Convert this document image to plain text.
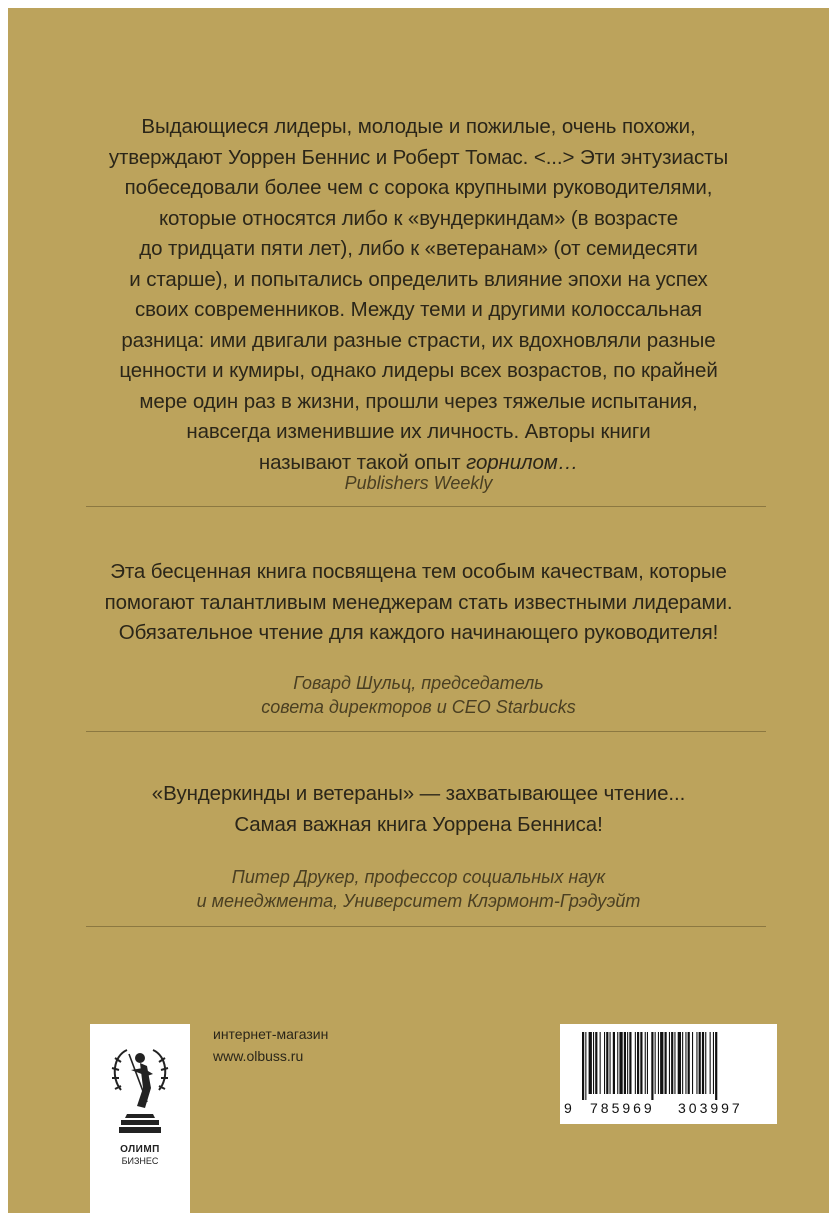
Выдающиеся лидеры, молодые и пожилые, очень похожи,

утверждают Уоррен Беннис и Роберт Томас. <...> Эти энтузиасты

побеседовали более чем с сорока крупными руководителями,

которые относятся либо к «вундеркиндам» (в возрасте

до тридцати пяти лет), либо к «ветеранам» (от семидесяти

и старше), и попытались определить влияние эпохи на успех

своих современников. Между теми и другими колоссальная

разница: ими двигали разные страсти, их вдохновляли разные

ценности и кумиры, однако лидеры всех возрастов, по крайней

мере один раз в жизни, прошли через тяжелые испытания,

навсегда изменившие их личность. Авторы книги

называют такой опыт горнилом…

Publishers Weekly

Эта бесценная книга посвящена тем особым качествам, которые

помогают талантливым менеджерам стать известными лидерами.

Обязательное чтение для каждого начинающего руководителя!

Говард Шульц, председатель

совета директоров и CEO Starbucks

«Вундеркинды и ветераны» — захватывающее чтение...

Самая важная книга Уоррена Бенниса!

Питер Друкер, профессор социальных наук

и менеджмента, Университет Клэрмонт-Грэдуэйт

ОЛИМП
БИЗНЕС

интернет-магазин

www.olbuss.ru

9 785969 303997
